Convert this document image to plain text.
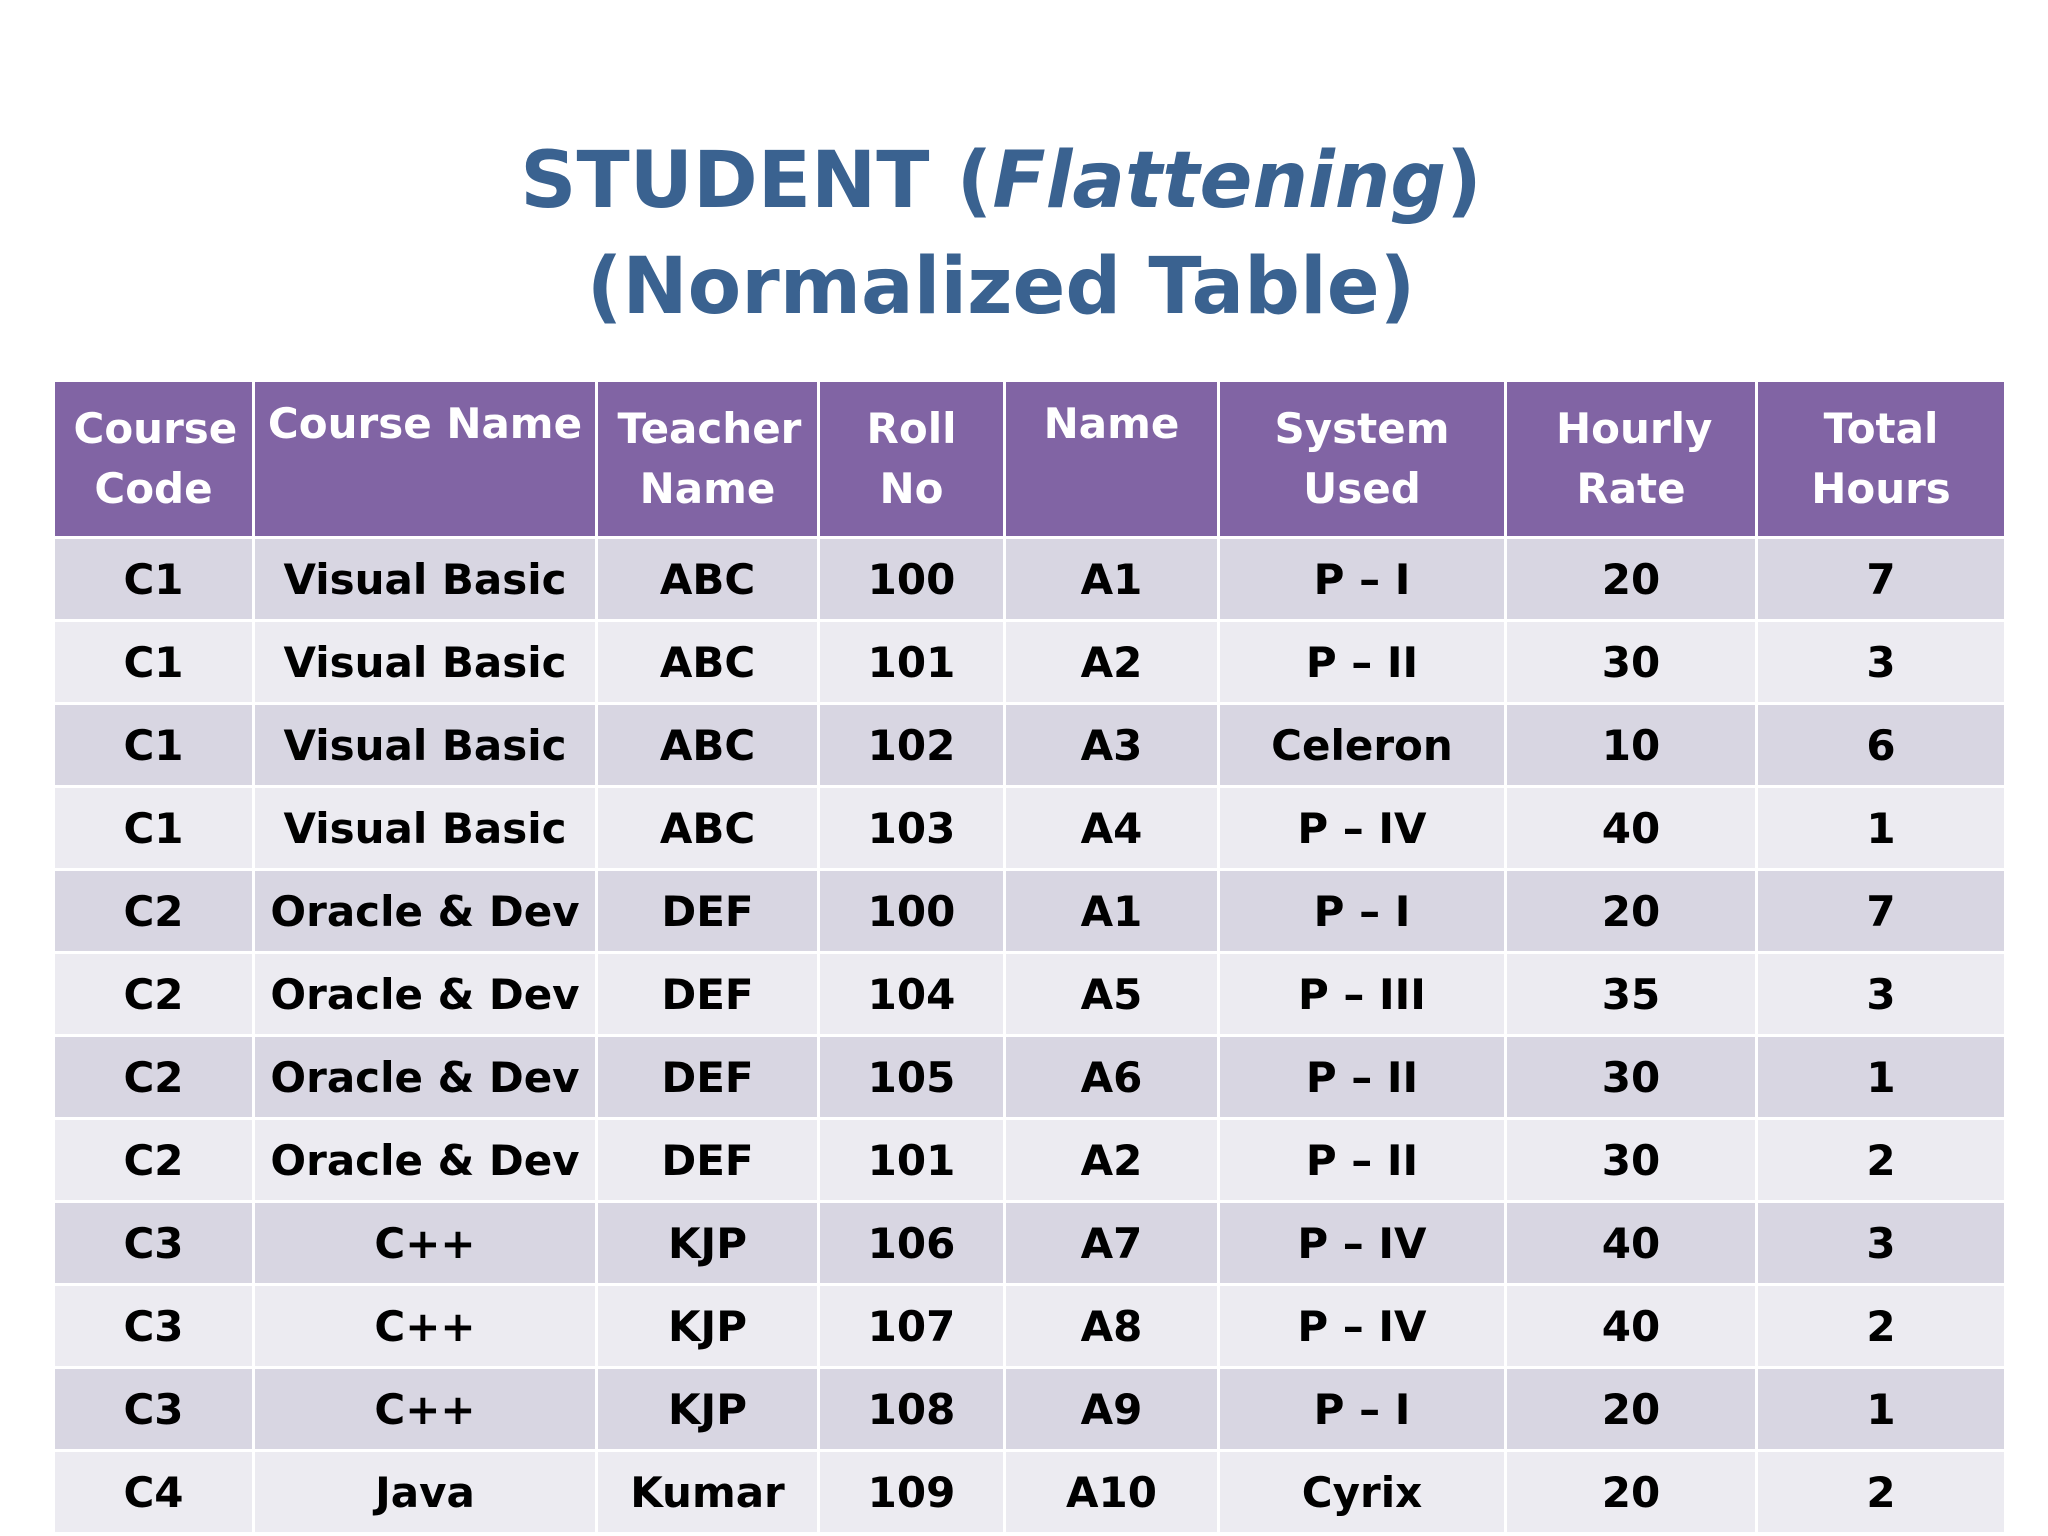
STUDENT (Flattening)
(Normalized Table)
Course Code	Course Name	Teacher Name	Roll No	Name	System Used	Hourly Rate	Total Hours
C1	Visual Basic	ABC	100	A1	P – I	20	7
C1	Visual Basic	ABC	101	A2	P – II	30	3
C1	Visual Basic	ABC	102	A3	Celeron	10	6
C1	Visual Basic	ABC	103	A4	P – IV	40	1
C2	Oracle & Dev	DEF	100	A1	P – I	20	7
C2	Oracle & Dev	DEF	104	A5	P – III	35	3
C2	Oracle & Dev	DEF	105	A6	P – II	30	1
C2	Oracle & Dev	DEF	101	A2	P – II	30	2
C3	C++	KJP	106	A7	P – IV	40	3
C3	C++	KJP	107	A8	P – IV	40	2
C3	C++	KJP	108	A9	P – I	20	1
C4	Java	Kumar	109	A10	Cyrix	20	2
